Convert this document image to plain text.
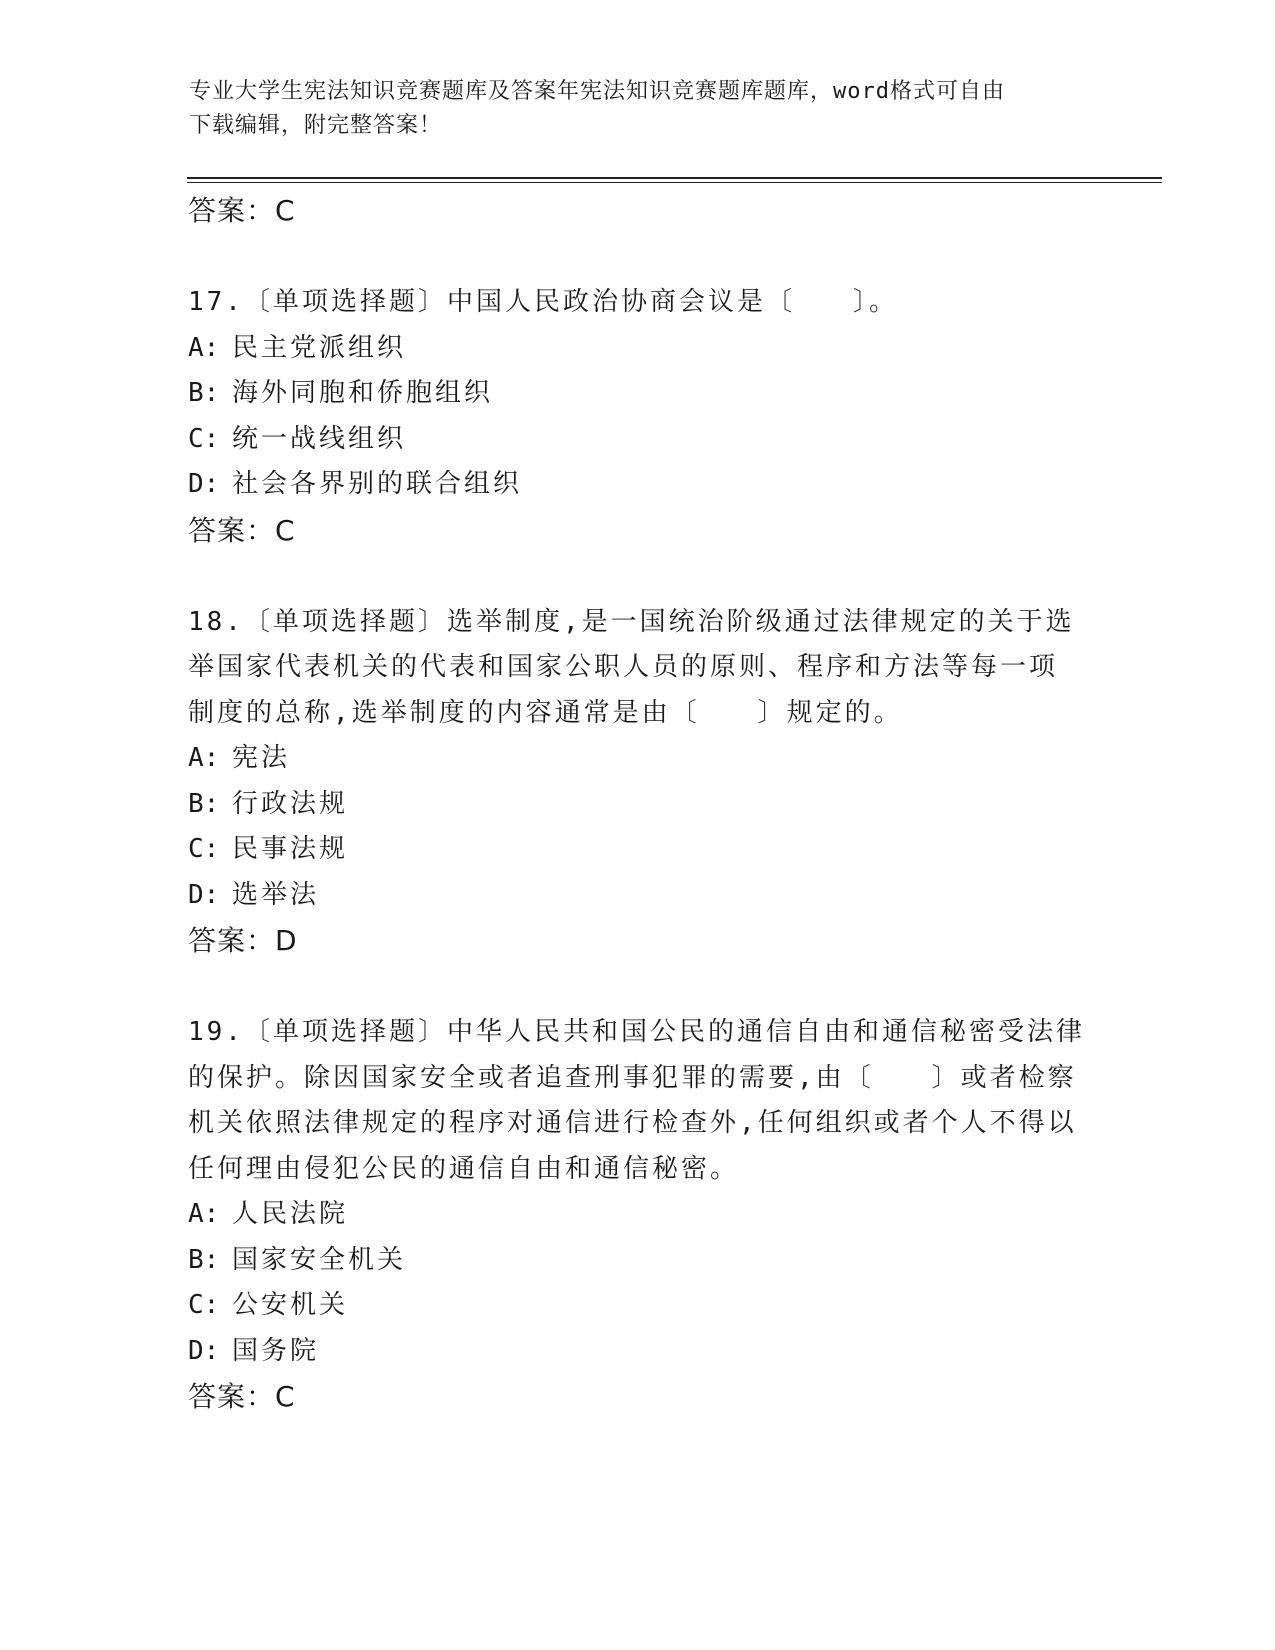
专业大学生宪法知识竞赛题库及答案年宪法知识竞赛题库题库，word格式可自由
下载编辑，附完整答案！
答案：C
17.〔单项选择题〕中国人民政治协商会议是〔　　〕。
A: 民主党派组织
B: 海外同胞和侨胞组织
C: 统一战线组织
D: 社会各界别的联合组织
答案：C
18.〔单项选择题〕选举制度,是一国统治阶级通过法律规定的关于选
举国家代表机关的代表和国家公职人员的原则、程序和方法等每一项
制度的总称,选举制度的内容通常是由〔　　〕规定的。
A: 宪法
B: 行政法规
C: 民事法规
D: 选举法
答案：D
19.〔单项选择题〕中华人民共和国公民的通信自由和通信秘密受法律
的保护。除因国家安全或者追查刑事犯罪的需要,由〔　　〕或者检察
机关依照法律规定的程序对通信进行检查外,任何组织或者个人不得以
任何理由侵犯公民的通信自由和通信秘密。
A: 人民法院
B: 国家安全机关
C: 公安机关
D: 国务院
答案：C
